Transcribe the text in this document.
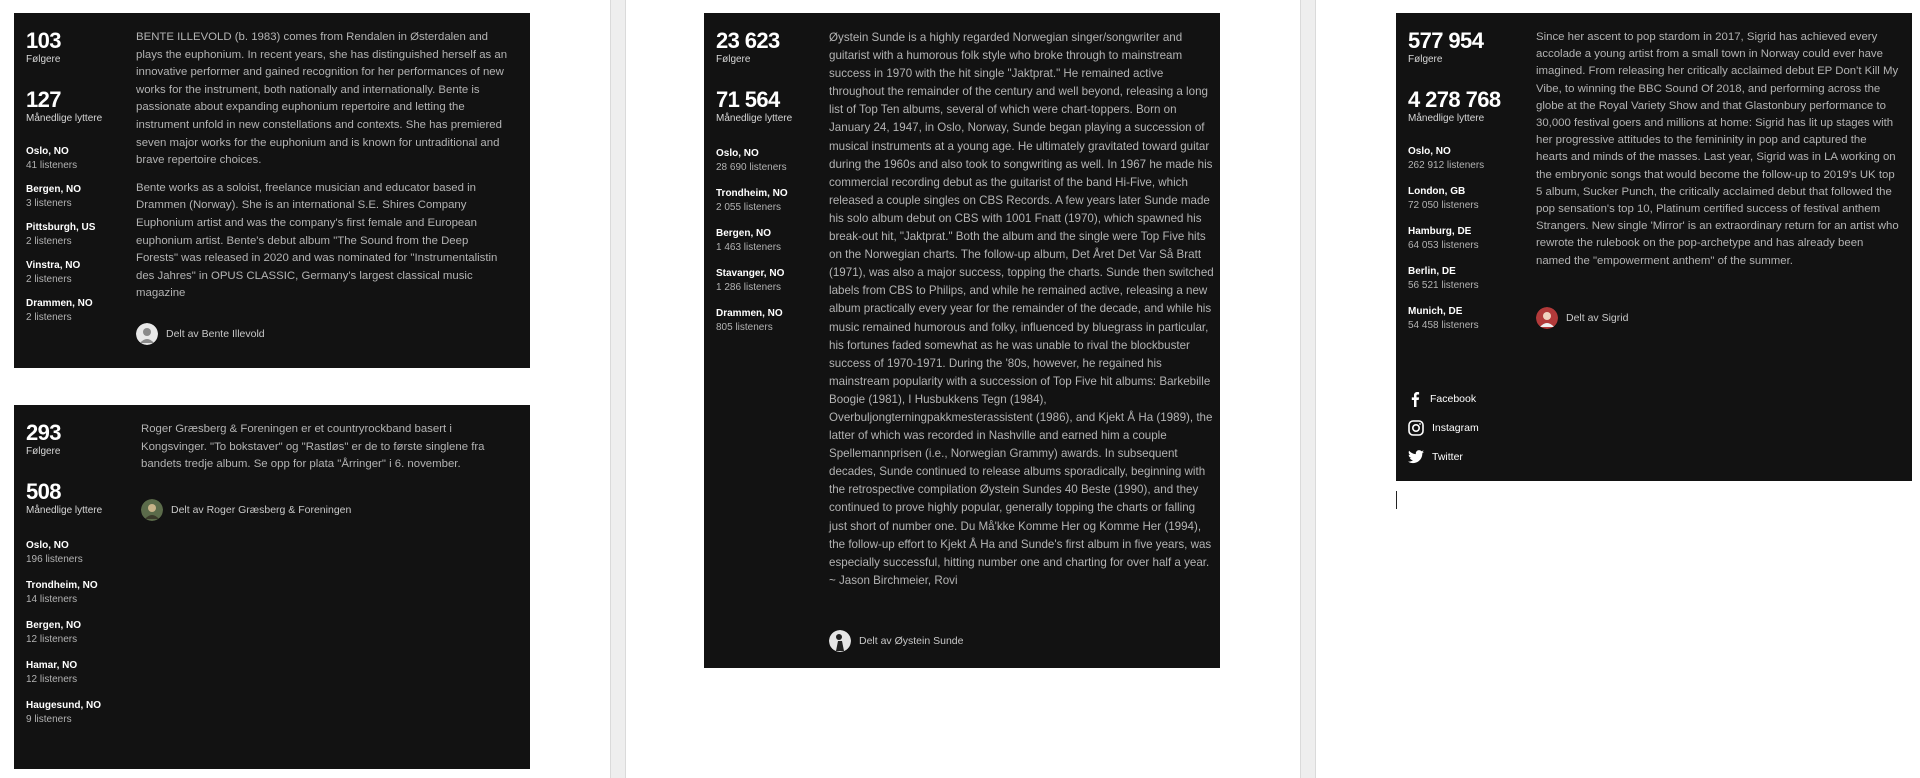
103
Følgere
127
Månedlige lyttere
Oslo, NO
41 listeners
Bergen, NO
3 listeners
Pittsburgh, US
2 listeners
Vinstra, NO
2 listeners
Drammen, NO
2 listeners

BENTE ILLEVOLD (b. 1983) comes from Rendalen in Østerdalen and plays the euphonium. In recent years, she has distinguished herself as an innovative performer and gained recognition for her performances of new works for the instrument, both nationally and internationally. Bente is passionate about expanding euphonium repertoire and letting the instrument unfold in new constellations and contexts. She has premiered seven major works for the euphonium and is known for untraditional and brave repertoire choices.

Bente works as a soloist, freelance musician and educator based in Drammen (Norway). She is an international S.E. Shires Company Euphonium artist and was the company's first female and European euphonium artist. Bente's debut album "The Sound from the Deep Forests" was released in 2020 and was nominated for "Instrumentalistin des Jahres" in OPUS CLASSIC, Germany's largest classical music magazine

Delt av Bente Illevold
293
Følgere
508
Månedlige lyttere
Oslo, NO
196 listeners
Trondheim, NO
14 listeners
Bergen, NO
12 listeners
Hamar, NO
12 listeners
Haugesund, NO
9 listeners

Roger Græsberg & Foreningen er et countryrockband basert i Kongsvinger. "To bokstaver" og "Rastløs" er de to første singlene fra bandets tredje album. Se opp for plata "Årringer" i 6. november.

Delt av Roger Græsberg & Foreningen
23 623
Følgere
71 564
Månedlige lyttere
Oslo, NO
28 690 listeners
Trondheim, NO
2 055 listeners
Bergen, NO
1 463 listeners
Stavanger, NO
1 286 listeners
Drammen, NO
805 listeners

Øystein Sunde is a highly regarded Norwegian singer/songwriter and guitarist with a humorous folk style who broke through to mainstream success in 1970 with the hit single "Jaktprat." He remained active throughout the remainder of the century and well beyond, releasing a long list of Top Ten albums, several of which were chart-toppers. Born on January 24, 1947, in Oslo, Norway, Sunde began playing a succession of musical instruments at a young age. He ultimately gravitated toward guitar during the 1960s and also took to songwriting as well. In 1967 he made his commercial recording debut as the guitarist of the band Hi-Five, which released a couple singles on CBS Records. A few years later Sunde made his solo album debut on CBS with 1001 Fnatt (1970), which spawned his break-out hit, "Jaktprat." Both the album and the single were Top Five hits on the Norwegian charts. The follow-up album, Det Året Det Var Så Bratt (1971), was also a major success, topping the charts. Sunde then switched labels from CBS to Philips, and while he remained active, releasing a new album practically every year for the remainder of the decade, and while his music remained humorous and folky, influenced by bluegrass in particular, his fortunes faded somewhat as he was unable to rival the blockbuster success of 1970-1971. During the '80s, however, he regained his mainstream popularity with a succession of Top Five hit albums: Barkebille Boogie (1981), I Husbukkens Tegn (1984), Overbuljongterningpakkmesterassistent (1986), and Kjekt Å Ha (1989), the latter of which was recorded in Nashville and earned him a couple Spellemannprisen (i.e., Norwegian Grammy) awards. In subsequent decades, Sunde continued to release albums sporadically, beginning with the retrospective compilation Øystein Sundes 40 Beste (1990), and they continued to prove highly popular, generally topping the charts or falling just short of number one. Du Må'kke Komme Her og Komme Her (1994), the follow-up effort to Kjekt Å Ha and Sunde's first album in five years, was especially successful, hitting number one and charting for over half a year. ~ Jason Birchmeier, Rovi

Delt av Øystein Sunde
577 954
Følgere
4 278 768
Månedlige lyttere
Oslo, NO
262 912 listeners
London, GB
72 050 listeners
Hamburg, DE
64 053 listeners
Berlin, DE
56 521 listeners
Munich, DE
54 458 listeners

Since her ascent to pop stardom in 2017, Sigrid has achieved every accolade a young artist from a small town in Norway could ever have imagined. From releasing her critically acclaimed debut EP Don't Kill My Vibe, to winning the BBC Sound Of 2018, and performing across the globe at the Royal Variety Show and that Glastonbury performance to 30,000 festival goers and millions at home: Sigrid has lit up stages with her progressive attitudes to the femininity in pop and captured the hearts and minds of the masses. Last year, Sigrid was in LA working on the embryonic songs that would become the follow-up to 2019's UK top 5 album, Sucker Punch, the critically acclaimed debut that followed the pop sensation's top 10, Platinum certified success of festival anthem Strangers. New single 'Mirror' is an extraordinary return for an artist who rewrote the rulebook on the pop-archetype and has already been named the "empowerment anthem" of the summer.

Delt av Sigrid
Facebook
Instagram
Twitter
